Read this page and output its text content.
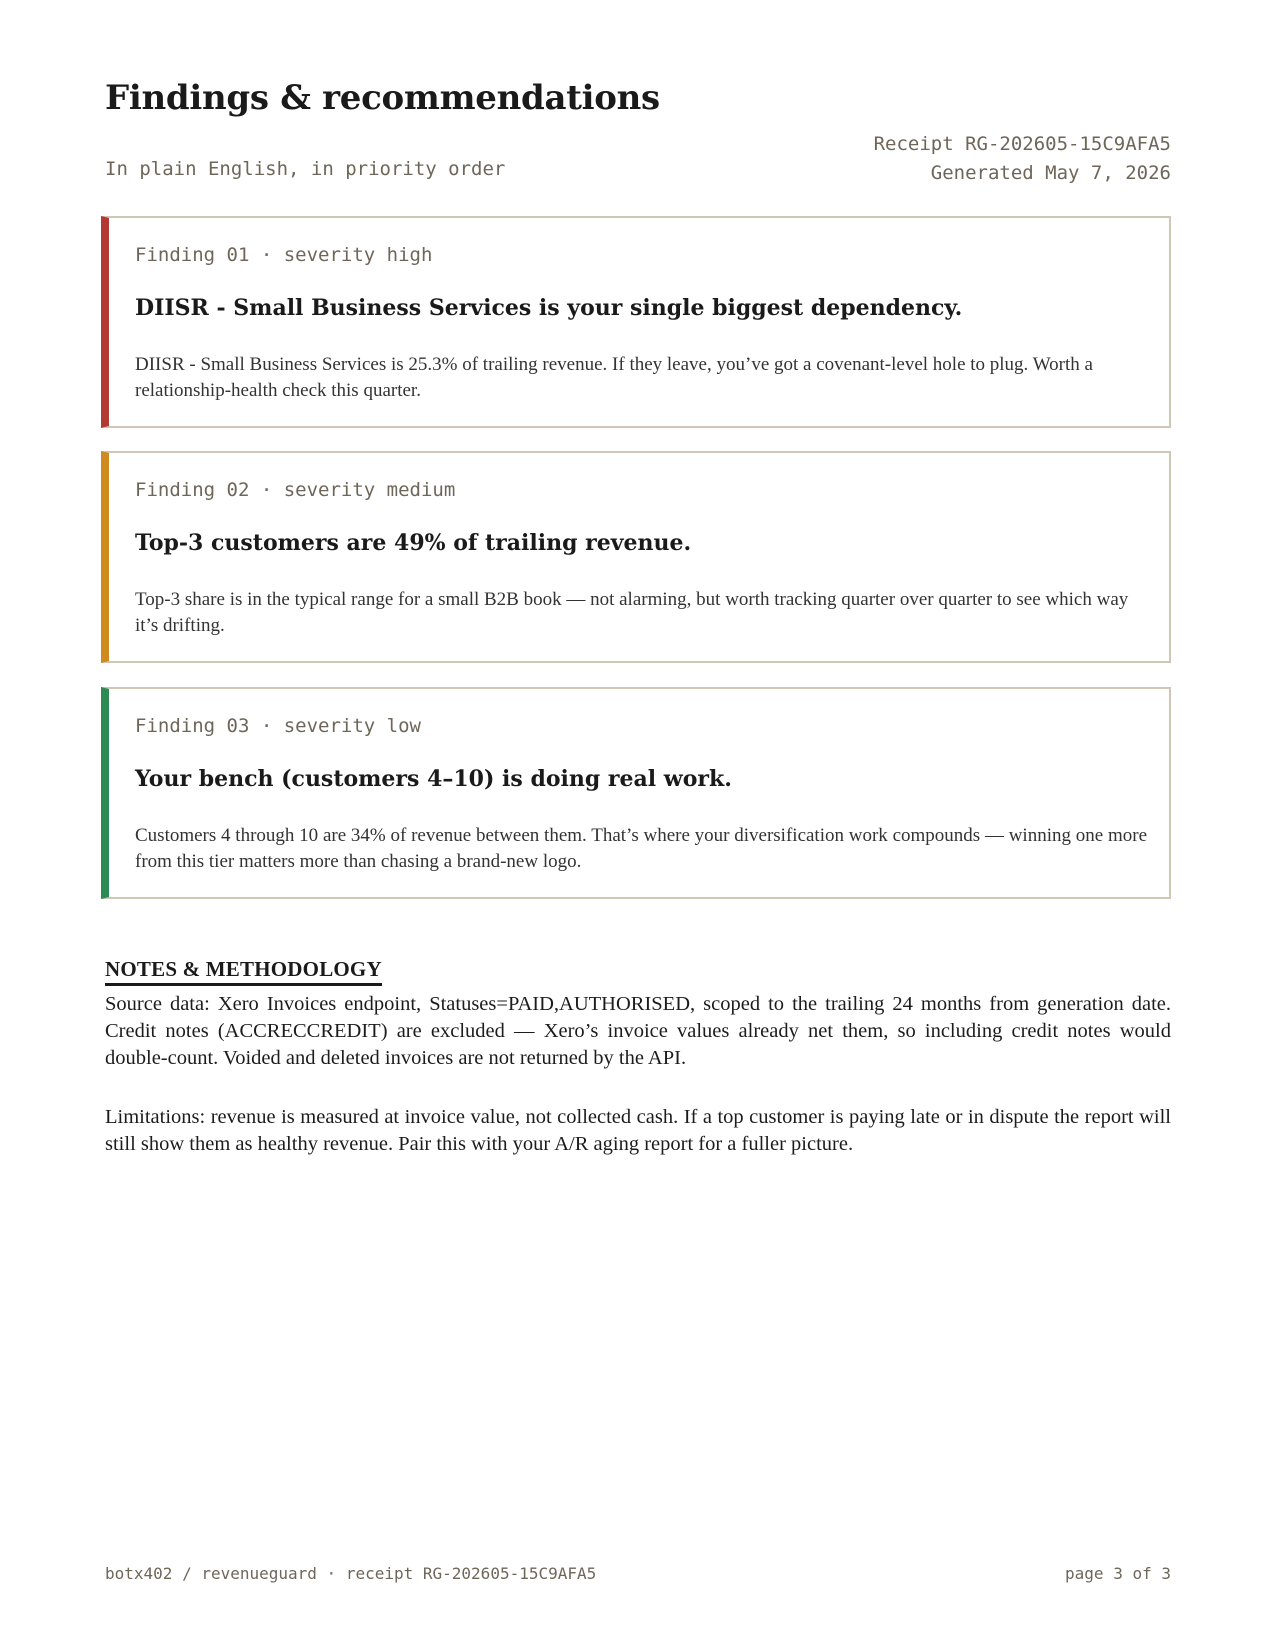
Findings & recommendations
In plain English, in priority order
Receipt RG-202605-15C9AFA5
Generated May 7, 2026
Finding 01 · severity high
DIISR - Small Business Services is your single biggest dependency.
DIISR - Small Business Services is 25.3% of trailing revenue. If they leave, you’ve got a covenant-level hole to plug. Worth a relationship-health check this quarter.
Finding 02 · severity medium
Top-3 customers are 49% of trailing revenue.
Top-3 share is in the typical range for a small B2B book — not alarming, but worth tracking quarter over quarter to see which way it’s drifting.
Finding 03 · severity low
Your bench (customers 4–10) is doing real work.
Customers 4 through 10 are 34% of revenue between them. That’s where your diversification work compounds — winning one more from this tier matters more than chasing a brand-new logo.
NOTES & METHODOLOGY
Source data: Xero Invoices endpoint, Statuses=PAID,AUTHORISED, scoped to the trailing 24 months from generation date. Credit notes (ACCRECCREDIT) are excluded — Xero’s invoice values already net them, so including credit notes would double-count. Voided and deleted invoices are not returned by the API.
Limitations: revenue is measured at invoice value, not collected cash. If a top customer is paying late or in dispute the report will still show them as healthy revenue. Pair this with your A/R aging report for a fuller picture.
botx402 / revenueguard · receipt RG-202605-15C9AFA5	page 3 of 3
